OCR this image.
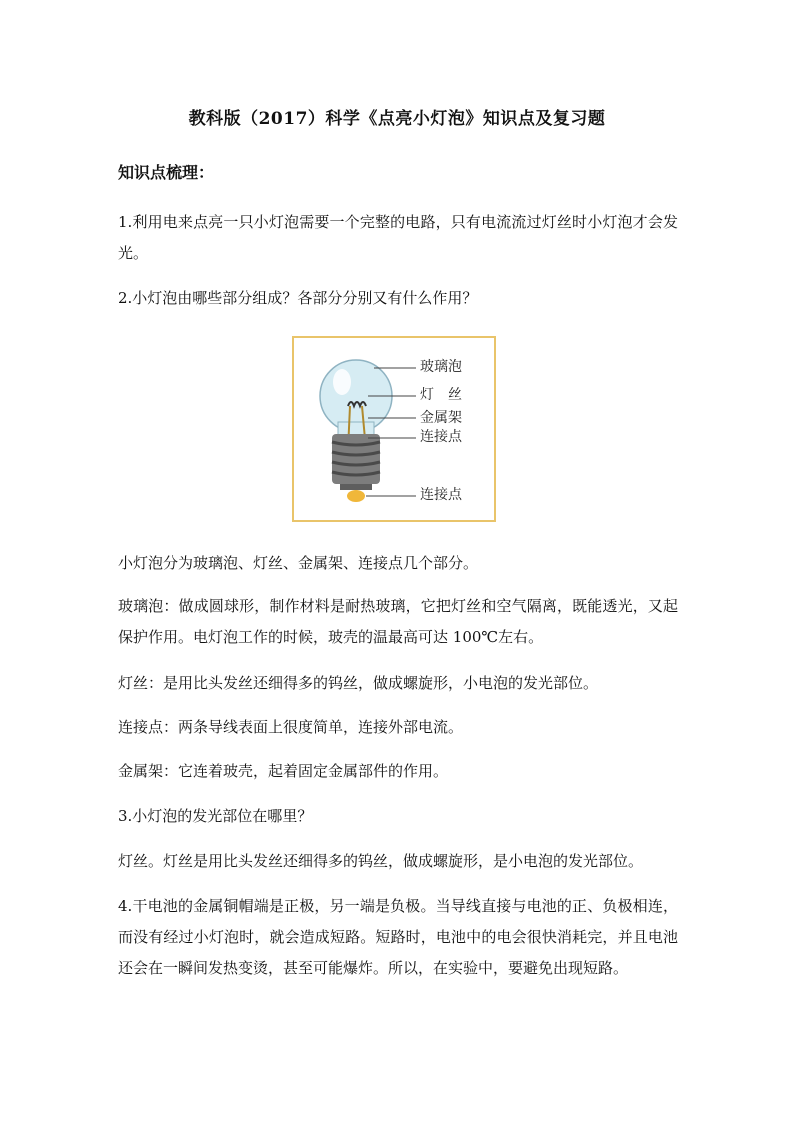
教科版（2017）科学《点亮小灯泡》知识点及复习题
知识点梳理：

1.利用电来点亮一只小灯泡需要一个完整的电路，只有电流流过灯丝时小灯泡才会发光。

2.小灯泡由哪些部分组成？各部分分别又有什么作用？

玻璃泡
灯　丝
金属架
连接点
连接点

小灯泡分为玻璃泡、灯丝、金属架、连接点几个部分。

玻璃泡：做成圆球形，制作材料是耐热玻璃，它把灯丝和空气隔离，既能透光，又起保护作用。电灯泡工作的时候，玻壳的温最高可达 100℃左右。

灯丝：是用比头发丝还细得多的钨丝，做成螺旋形，小电泡的发光部位。

连接点：两条导线表面上很度简单，连接外部电流。

金属架：它连着玻壳，起着固定金属部件的作用。

3.小灯泡的发光部位在哪里？

灯丝。灯丝是用比头发丝还细得多的钨丝，做成螺旋形，是小电泡的发光部位。

4.干电池的金属铜帽端是正极，另一端是负极。当导线直接与电池的正、负极相连，而没有经过小灯泡时，就会造成短路。短路时，电池中的电会很快消耗完，并且电池还会在一瞬间发热变烫，甚至可能爆炸。所以，在实验中，要避免出现短路。
